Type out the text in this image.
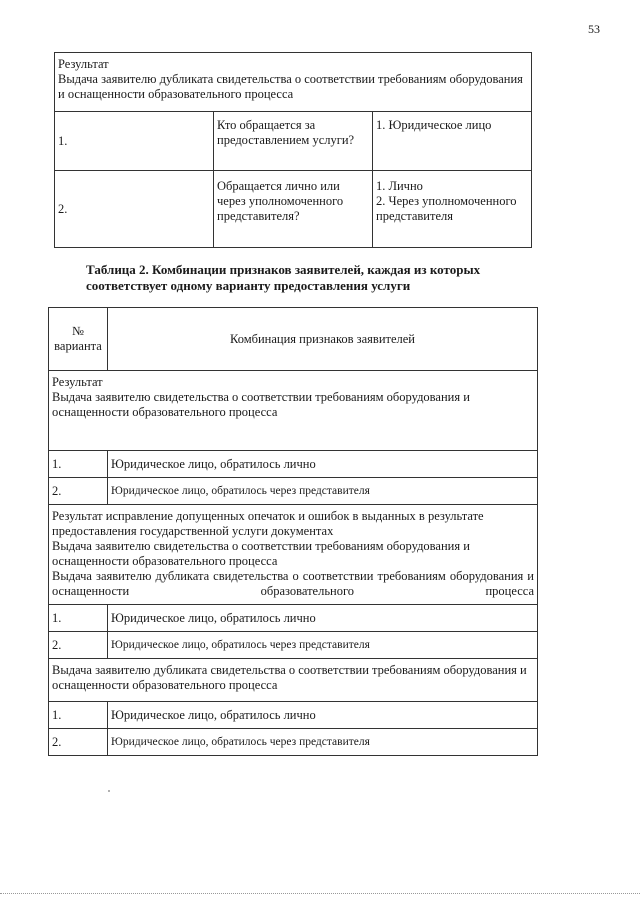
53
Результат
Выдача заявителю дубликата свидетельства о соответствии требованиям оборудования и оснащенности образовательного процесса		

1.	Кто обращается за предоставлением услуги?	1. Юридическое лицо

2.	Обращается лично или через уполномоченного представителя?	1. Лично
2. Через уполномоченного представителя
Таблица 2. Комбинации признаков заявителей, каждая из которых соответствует одному варианту предоставления услуги
№ варианта	Комбинация признаков заявителей

Результат
Выдача заявителю свидетельства о соответствии требованиям оборудования и оснащенности образовательного процесса	

1.	Юридическое лицо, обратилось лично
2.	Юридическое лицо, обратилось через представителя

Результат исправление допущенных опечаток и ошибок в выданных в результате предоставления государственной услуги документах
Выдача заявителю свидетельства о соответствии требованиям оборудования и оснащенности образовательного процесса
Выдача заявителю дубликата свидетельства о соответствии требованиям оборудования и оснащенности образовательного процесса	

1.	Юридическое лицо, обратилось лично
2.	Юридическое лицо, обратилось через представителя

Выдача заявителю дубликата свидетельства о соответствии требованиям оборудования и оснащенности образовательного процесса	

1.	Юридическое лицо, обратилось лично
2.	Юридическое лицо, обратилось через представителя
